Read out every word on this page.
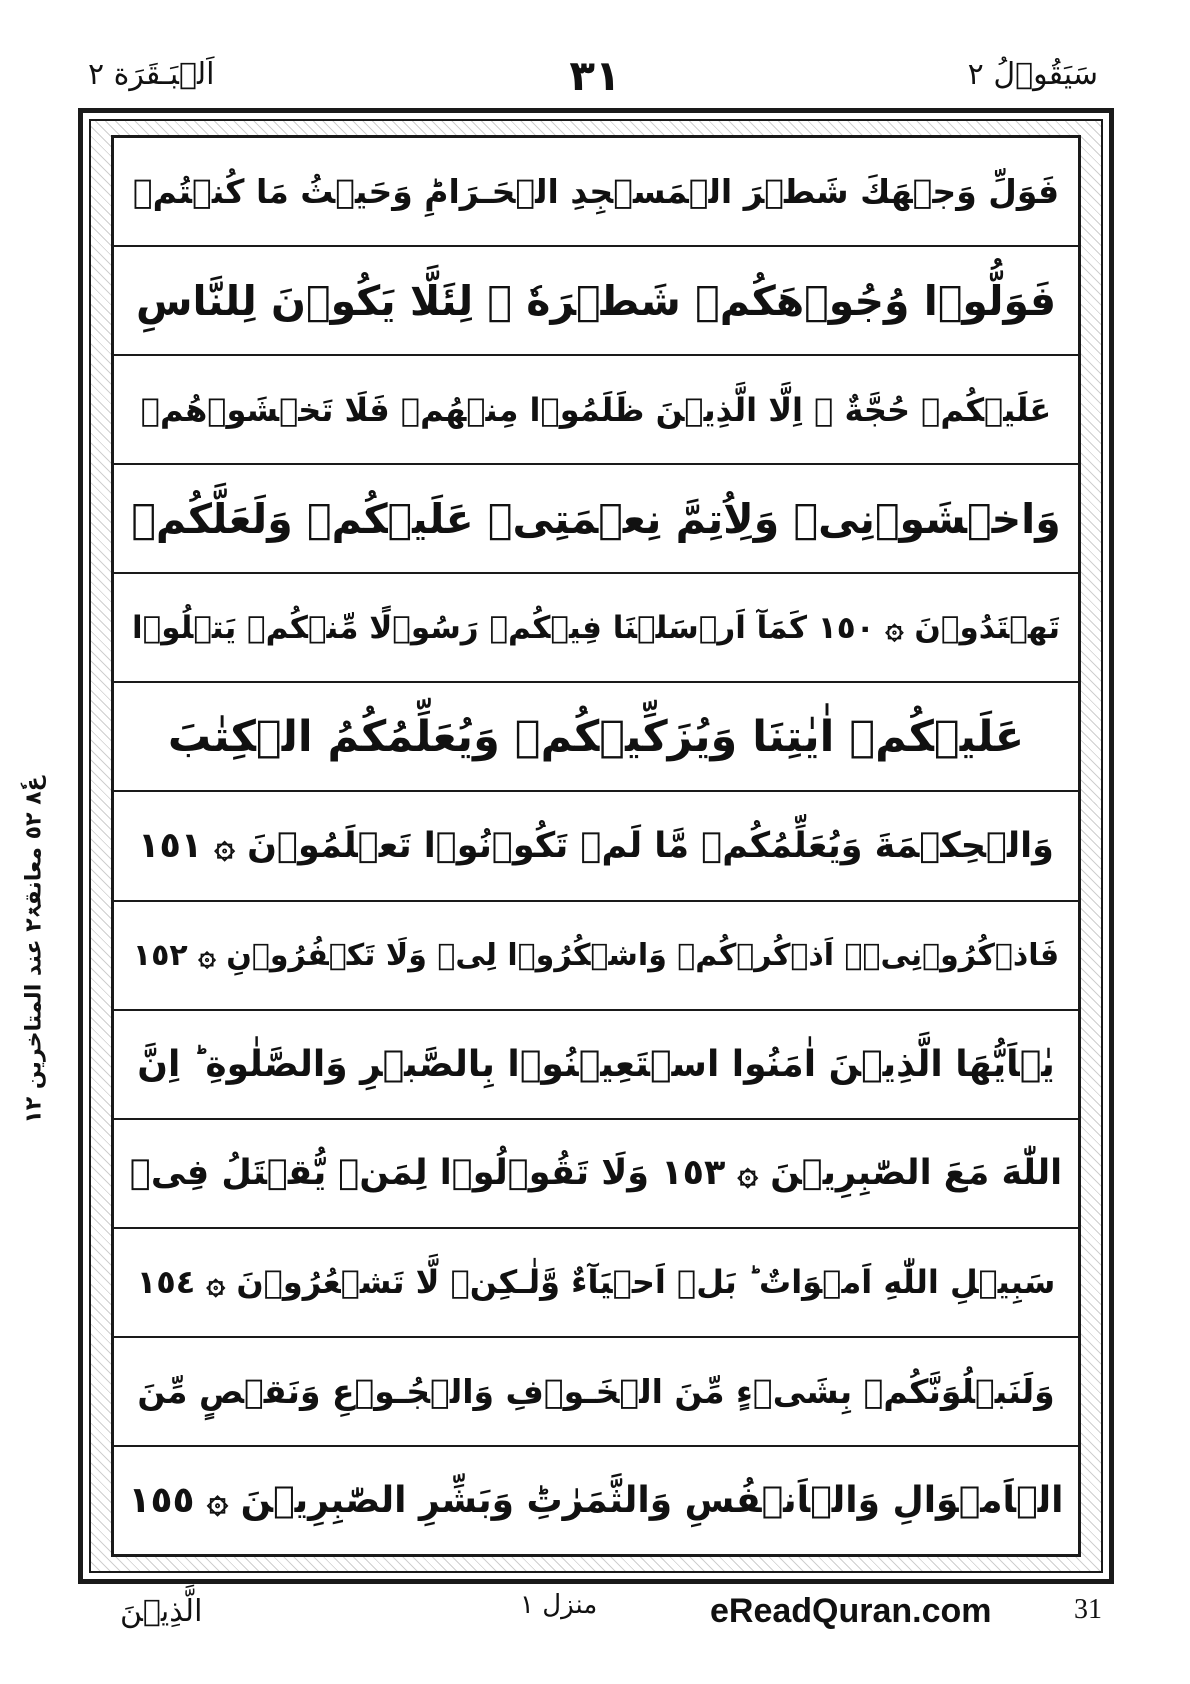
اَلۡبَـقَرَة ٢	٣١	سَيَقُوۡلُ ٢
ع٨ٗ ٥٢ معانقۃ۲ عند المتاخرین ۱۲
فَوَلِّ وَجۡهَكَ شَطۡرَ الۡمَسۡجِدِ الۡحَـرَامِ​ؕ وَحَيۡثُ مَا كُنۡتُمۡ
فَوَلُّوۡا وُجُوۡهَكُمۡ شَطۡرَهٗ ​ۙ لِئَلَّا يَكُوۡنَ لِلنَّاسِ
عَلَيۡكُمۡ حُجَّةٌ ​ۙ اِلَّا الَّذِيۡنَ ظَلَمُوۡا مِنۡهُمۡ​ فَلَا تَخۡشَوۡهُمۡ
وَاخۡشَوۡنِىۡ وَلِاُتِمَّ نِعۡمَتِىۡ عَلَيۡكُمۡ وَلَعَلَّكُمۡ
تَهۡتَدُوۡنَ ۞ ١٥٠ كَمَآ اَرۡسَلۡنَا فِيۡكُمۡ رَسُوۡلًا مِّنۡكُمۡ يَتۡلُوۡا
عَلَيۡكُمۡ اٰيٰتِنَا وَيُزَكِّيۡكُمۡ وَيُعَلِّمُكُمُ الۡكِتٰبَ
وَالۡحِكۡمَةَ وَيُعَلِّمُكُمۡ مَّا لَمۡ تَكُوۡنُوۡا تَعۡلَمُوۡنَ ۞ ١٥١
فَاذۡكُرُوۡنِىۡۤ اَذۡكُرۡكُمۡ وَاشۡکُرُوۡا لِىۡ وَلَا تَكۡفُرُوۡنِ ۞ ١٥٢
يٰۤاَيُّهَا الَّذِيۡنَ اٰمَنُوا اسۡتَعِيۡنُوۡا بِالصَّبۡرِ وَالصَّلٰوةِ​ ؕ اِنَّ
اللّٰهَ مَعَ الصّٰبِرِيۡنَ ۞ ١٥٣ وَلَا تَقُوۡلُوۡا لِمَنۡ يُّقۡتَلُ فِىۡ
سَبِيۡلِ اللّٰهِ اَمۡوَاتٌ ​ؕ بَلۡ اَحۡيَآءٌ وَّلٰـكِنۡ لَّا تَشۡعُرُوۡنَ ۞ ١٥٤
وَلَنَبۡلُوَنَّكُمۡ بِشَىۡءٍ مِّنَ الۡخَـوۡفِ وَالۡجُـوۡعِ وَنَقۡصٍ مِّنَ
الۡاَمۡوَالِ وَالۡاَنۡفُسِ وَالثَّمَرٰتِ​ؕ وَبَشِّرِ الصّٰبِرِيۡنَ ۞ ١٥٥
الَّذِيۡنَ	منزل ۱	eReadQuran.com	31
